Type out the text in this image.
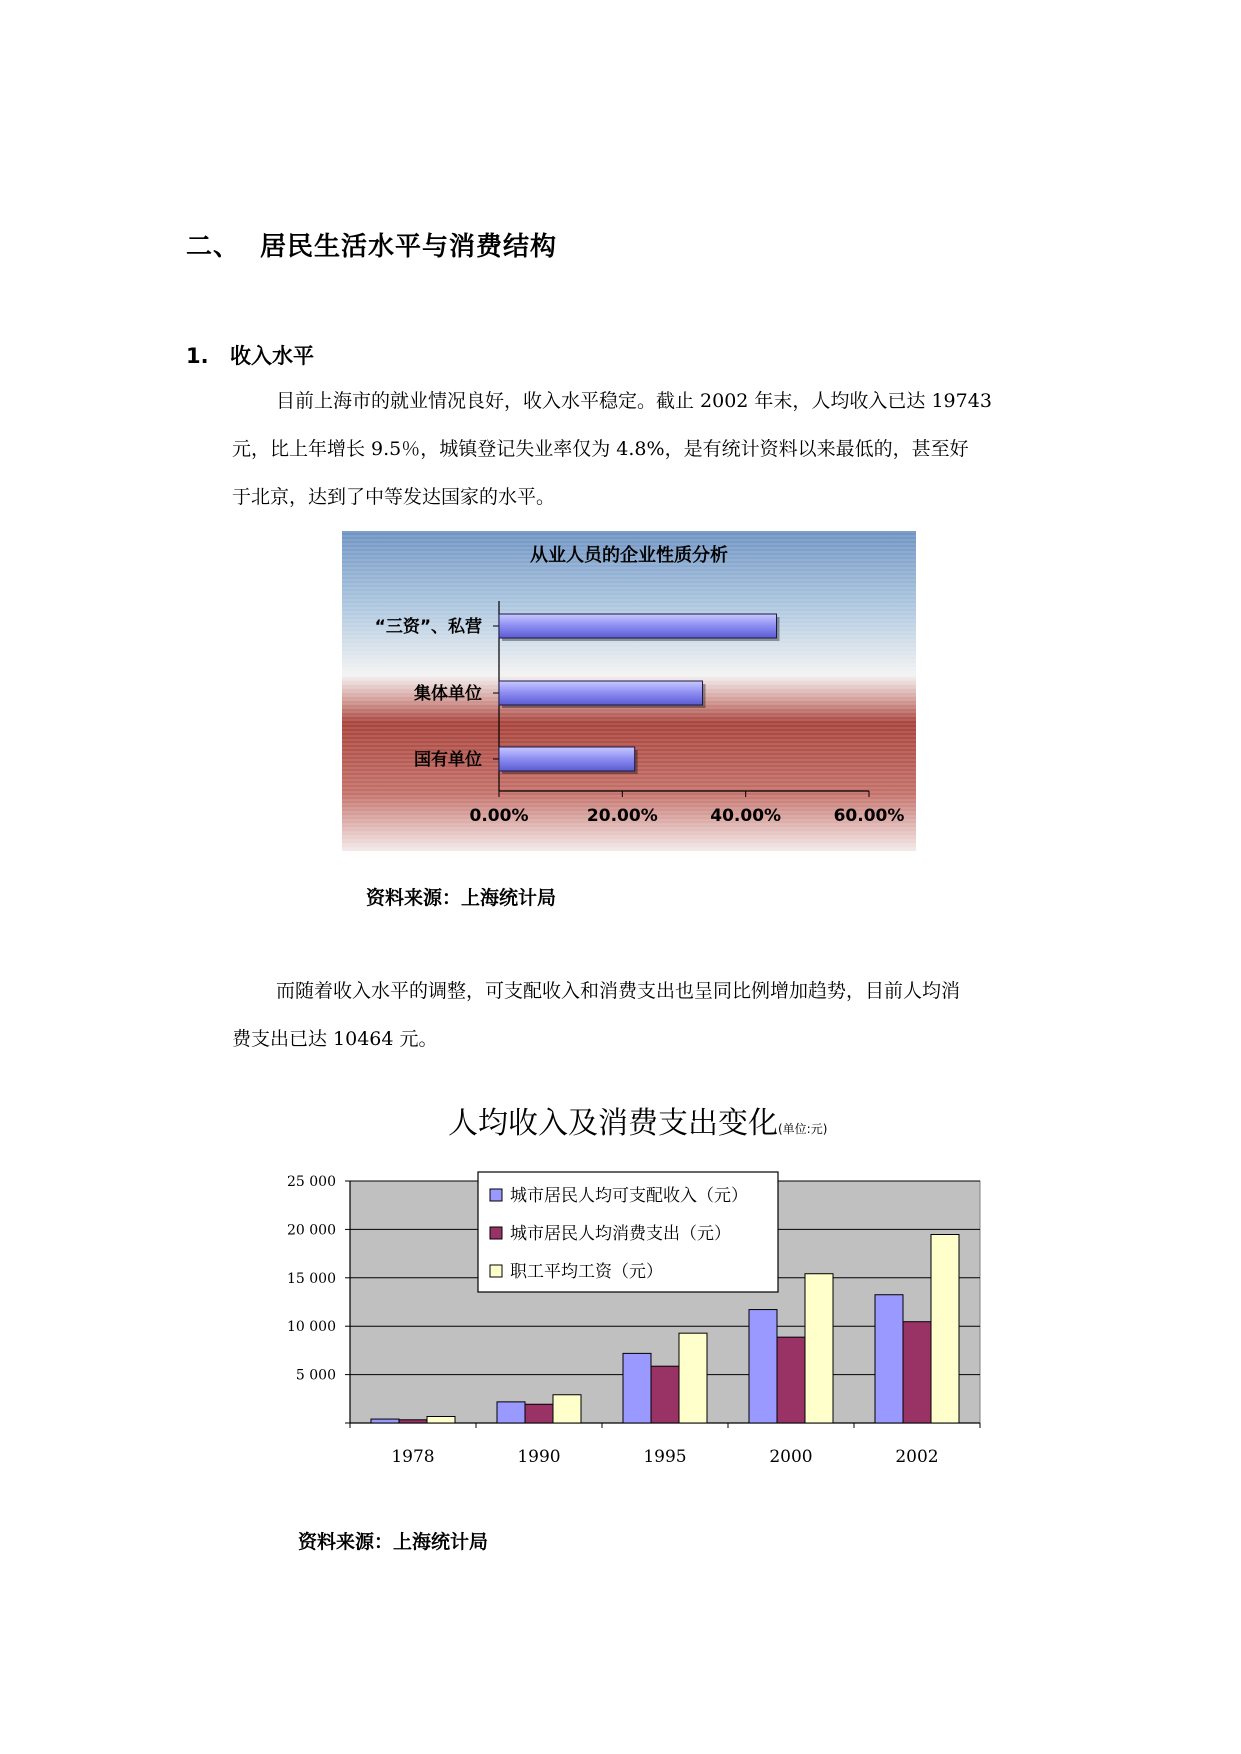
二、 居民生活水平与消费结构
1. 收入水平
目前上海市的就业情况良好，收入水平稳定。截止 2002 年末，人均收入已达 19743
元，比上年增长 9.5％，城镇登记失业率仅为 4.8%，是有统计资料以来最低的，甚至好
于北京，达到了中等发达国家的水平。
从业人员的企业性质分析
0.00%	20.00%	40.00%	60.00%
“三资”、私营
集体单位
国有单位
资料来源：上海统计局
而随着收入水平的调整，可支配收入和消费支出也呈同比例增加趋势，目前人均消
费支出已达 10464 元。
人均收入及消费支出变化(单位:元)
5 000
10 000
15 000
20 000
25 000
1978	1990	1995	2000	2002
城市居民人均可支配收入（元）
城市居民人均消费支出（元）
职工平均工资（元）
资料来源：上海统计局
